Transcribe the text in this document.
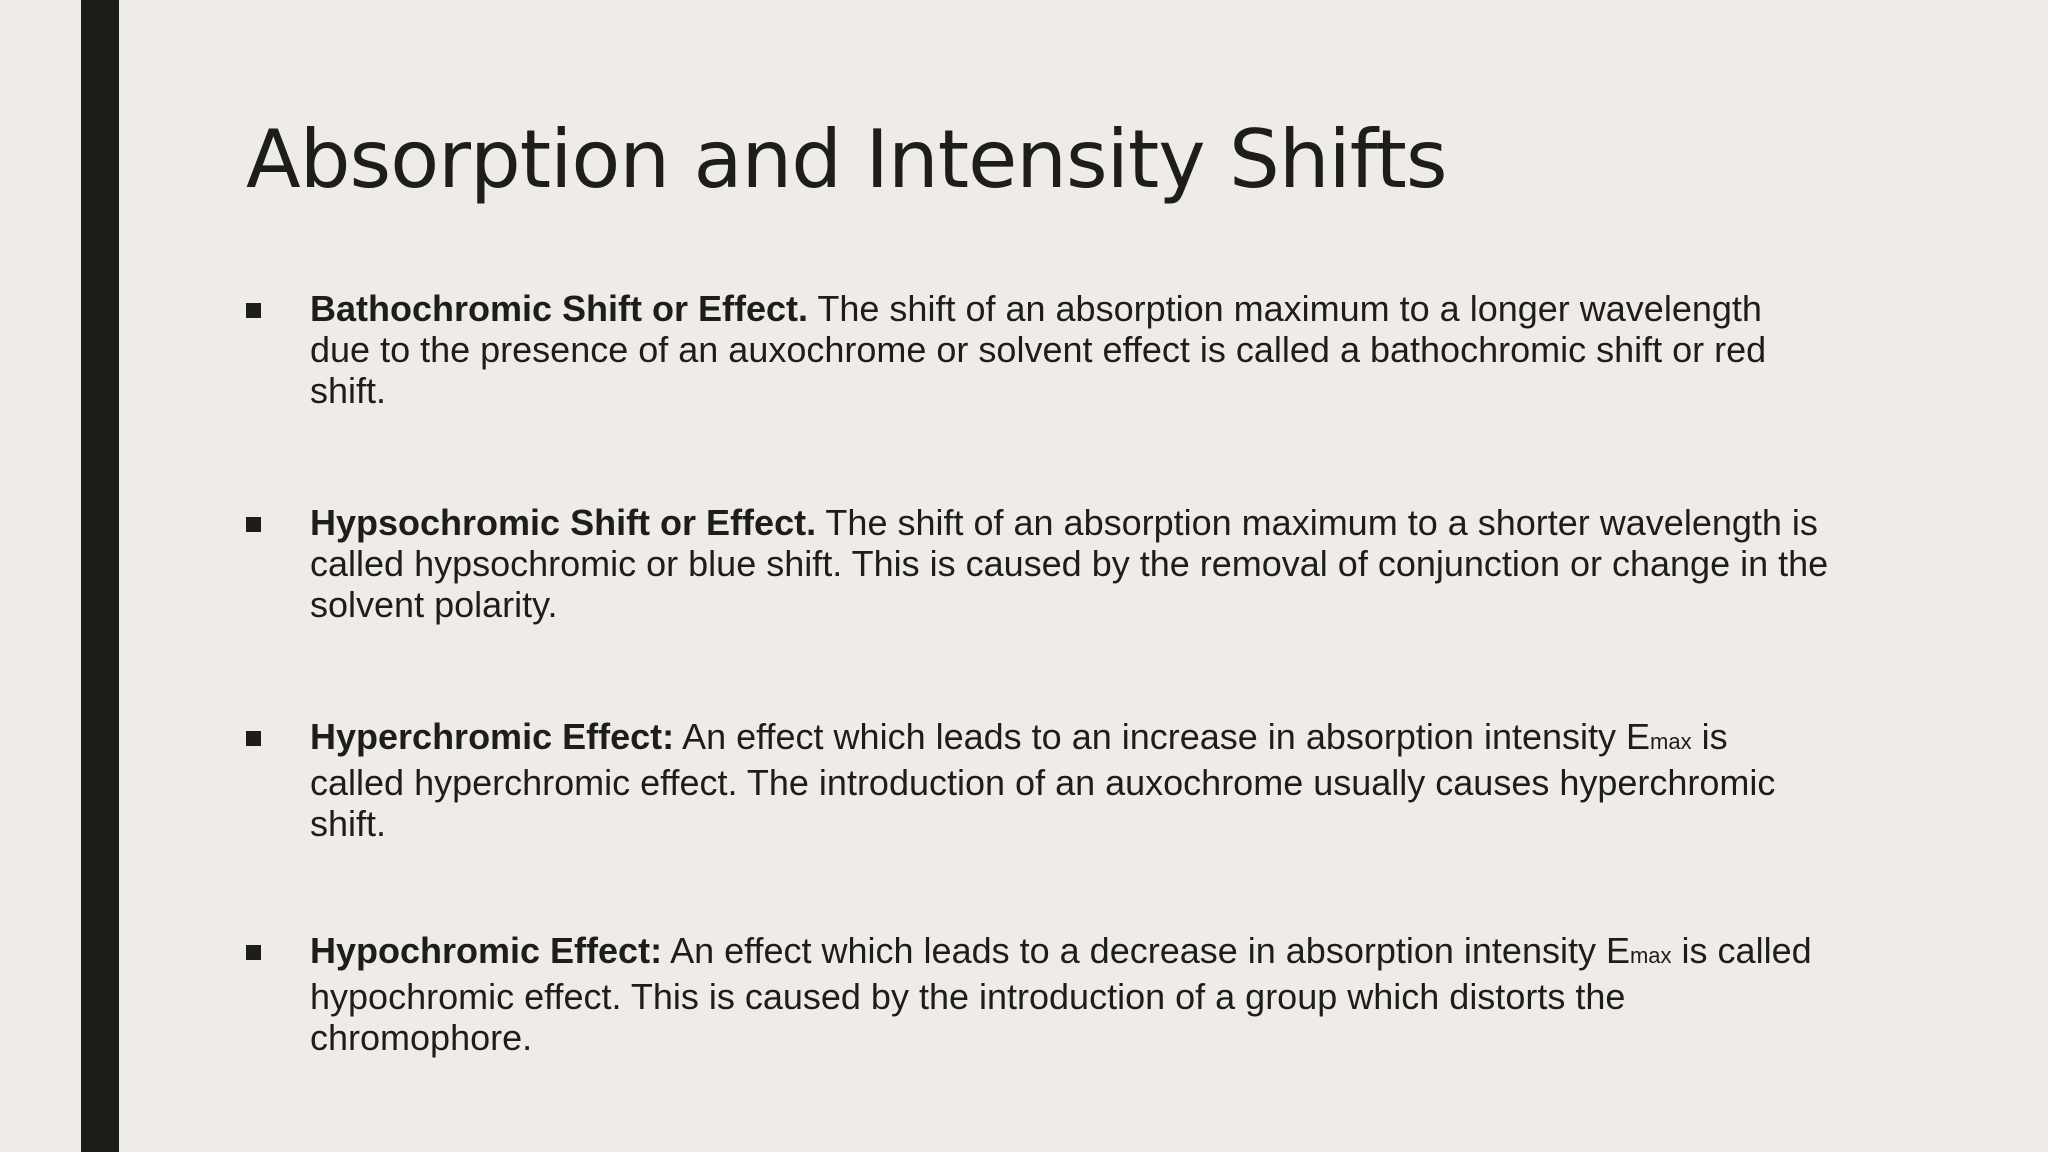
Absorption and Intensity Shifts

Bathochromic Shift or Effect. The shift of an absorption maximum to a longer wavelength due to the presence of an auxochrome or solvent effect is called a bathochromic shift or red shift.

Hypsochromic Shift or Effect. The shift of an absorption maximum to a shorter wavelength is called hypsochromic or blue shift. This is caused by the removal of conjunction or change in the solvent polarity.

Hyperchromic Effect: An effect which leads to an increase in absorption intensity Emax is called hyperchromic effect. The introduction of an auxochrome usually causes hyperchromic shift.

Hypochromic Effect: An effect which leads to a decrease in absorption intensity Emax is called hypochromic effect. This is caused by the introduction of a group which distorts the chromophore.
